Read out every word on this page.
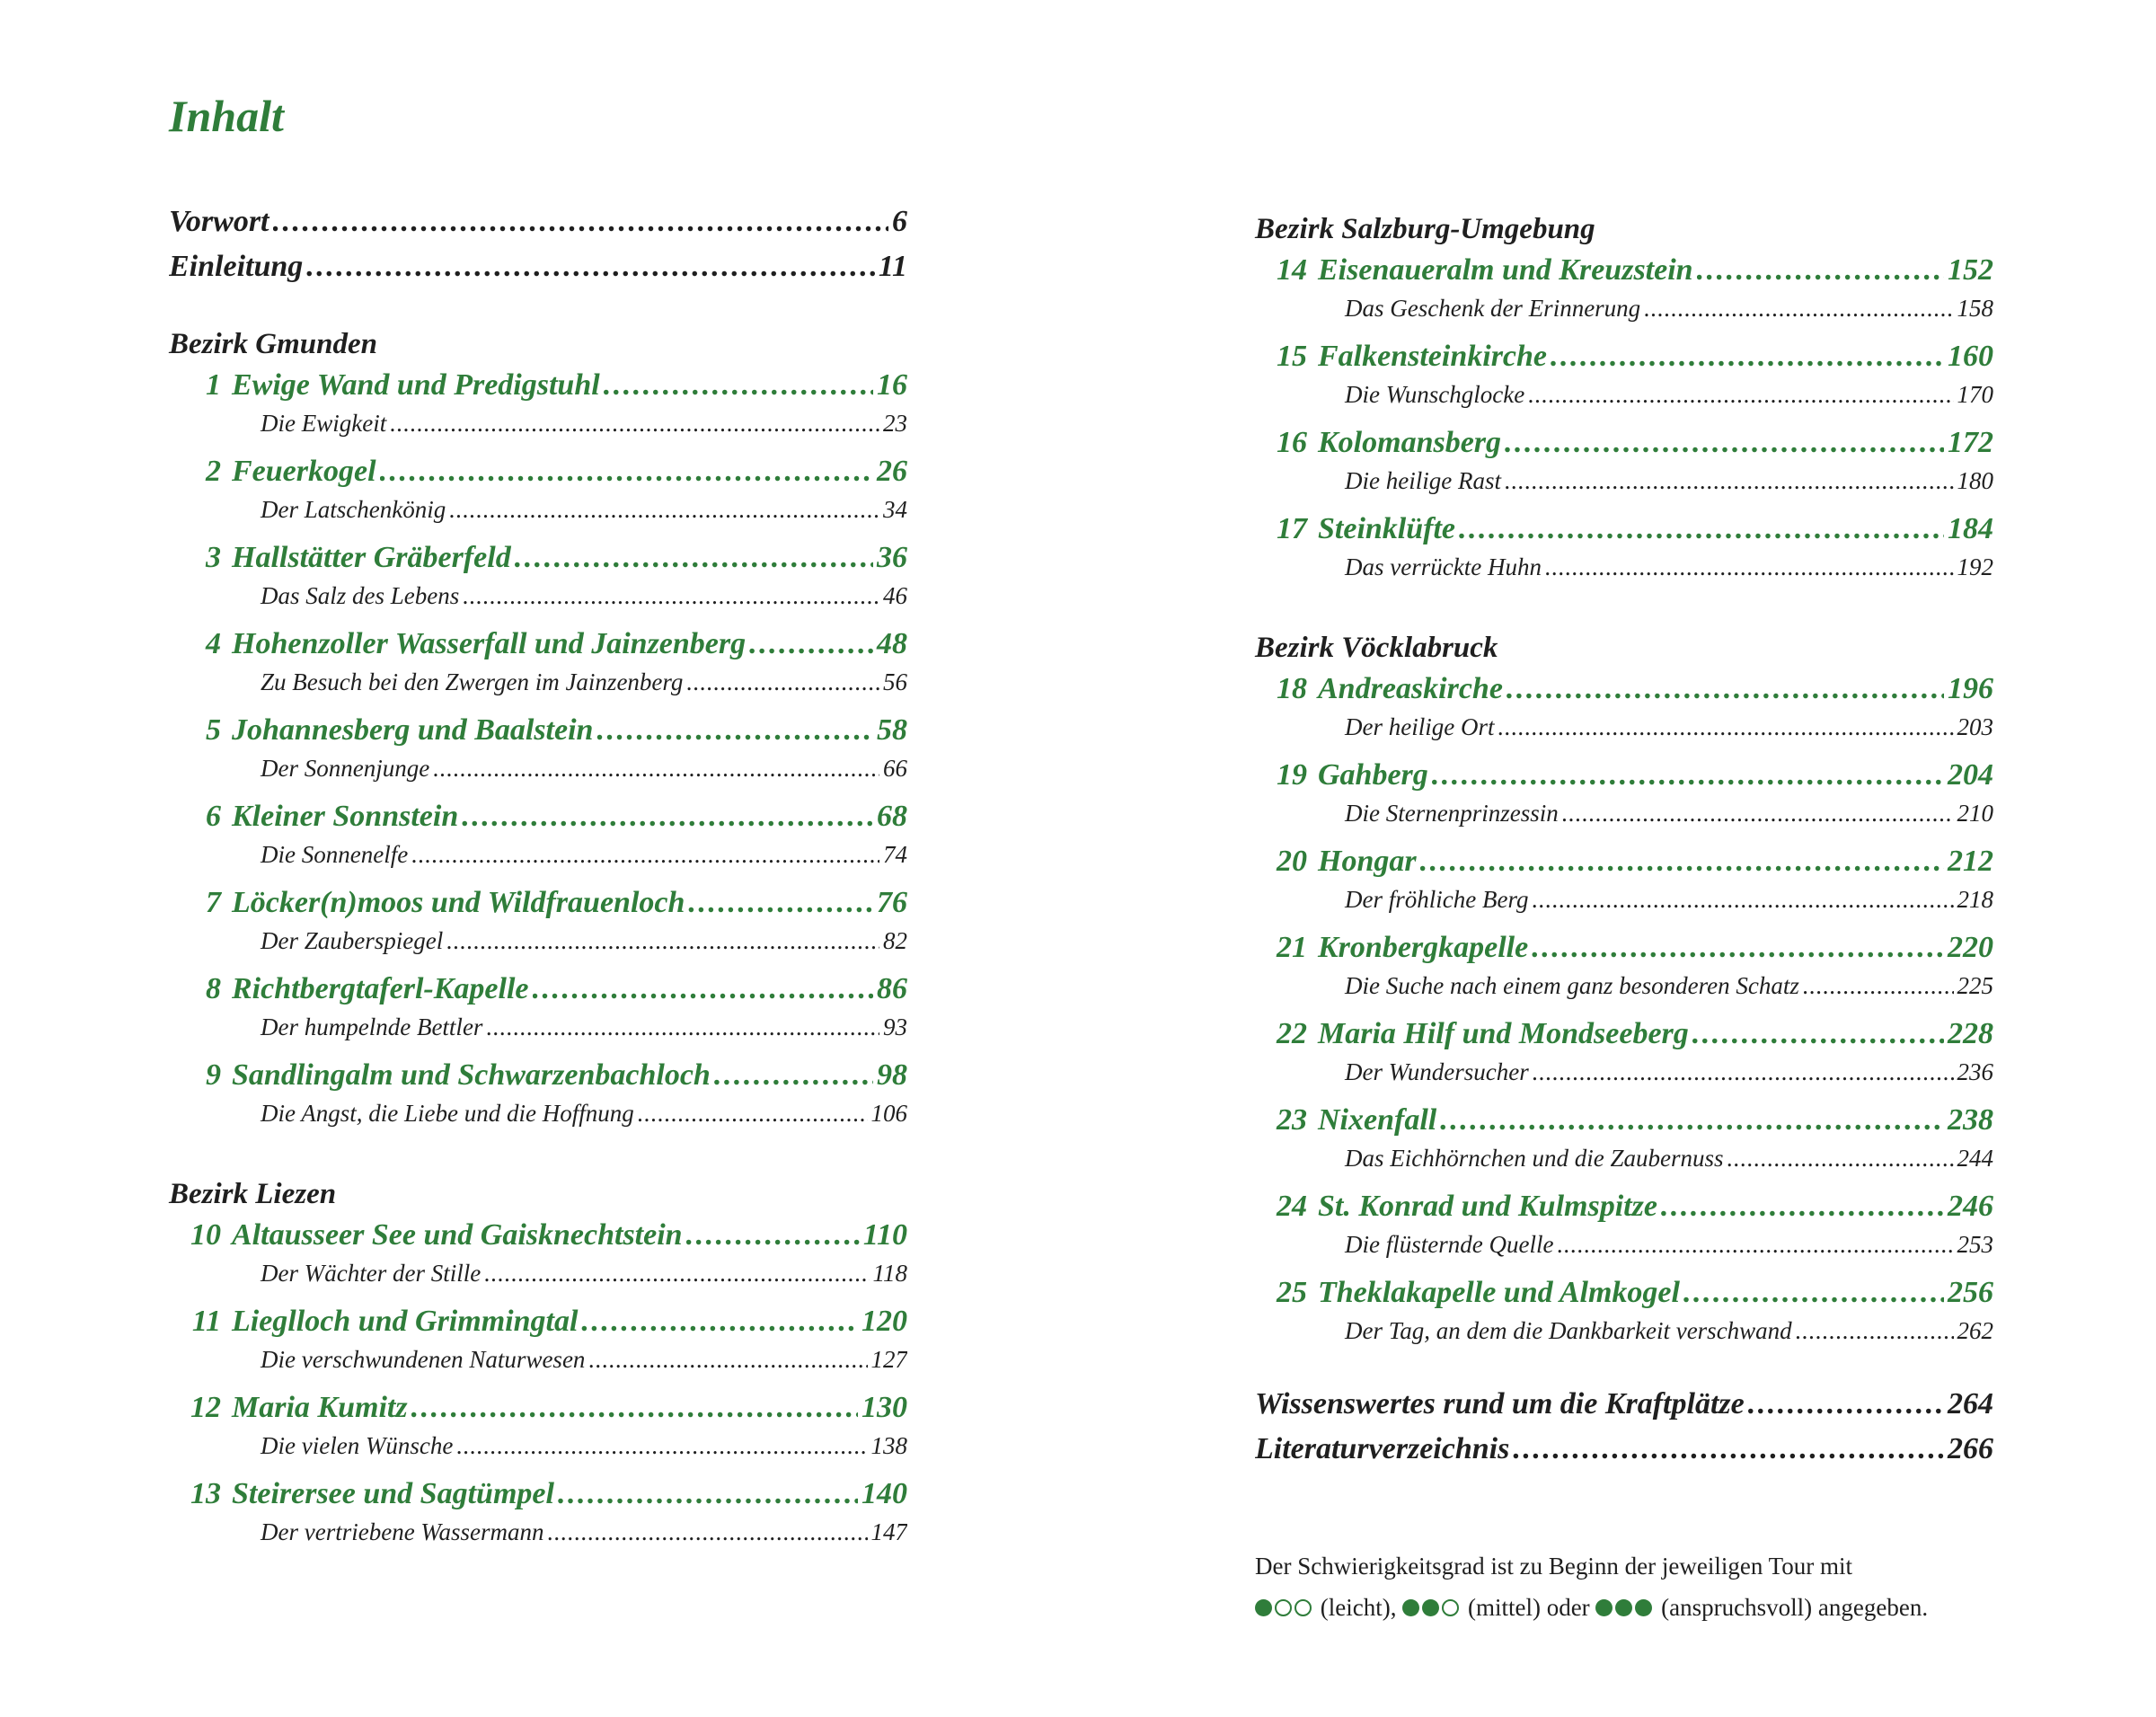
Inhalt
Vorwort . . .	6
Einleitung . . .	11
Bezirk Gmunden
1 Ewige Wand und Predigstuhl . . .	16
Die Ewigkeit . . .	23
2 Feuerkogel . . .	26
Der Latschenkönig . . .	34
3 Hallstätter Gräberfeld . . .	36
Das Salz des Lebens . . .	46
4 Hohenzoller Wasserfall und Jainzenberg . . .	48
Zu Besuch bei den Zwergen im Jainzenberg . . .	56
5 Johannesberg und Baalstein . . .	58
Der Sonnenjunge . . .	66
6 Kleiner Sonnstein . . .	68
Die Sonnenelfe . . .	74
7 Löcker(n)moos und Wildfrauenloch . . .	76
Der Zauberspiegel . . .	82
8 Richtbergtaferl-Kapelle . . .	86
Der humpelnde Bettler . . .	93
9 Sandlingalm und Schwarzenbachloch . . .	98
Die Angst, die Liebe und die Hoffnung . . .	106
Bezirk Liezen
10 Altausseer See und Gaisknechtstein . . .	110
Der Wächter der Stille . . .	118
11 Lieglloch und Grimmingtal . . .	120
Die verschwundenen Naturwesen . . .	127
12 Maria Kumitz . . .	130
Die vielen Wünsche . . .	138
13 Steirersee und Sagtümpel . . .	140
Der vertriebene Wassermann . . .	147
Bezirk Salzburg-Umgebung
14 Eisenaueralm und Kreuzstein . . .	152
Das Geschenk der Erinnerung . . .	158
15 Falkensteinkirche . . .	160
Die Wunschglocke . . .	170
16 Kolomansberg . . .	172
Die heilige Rast . . .	180
17 Steinklüfte . . .	184
Das verrückte Huhn . . .	192
Bezirk Vöcklabruck
18 Andreaskirche . . .	196
Der heilige Ort . . .	203
19 Gahberg . . .	204
Die Sternenprinzessin . . .	210
20 Hongar . . .	212
Der fröhliche Berg . . .	218
21 Kronbergkapelle . . .	220
Die Suche nach einem ganz besonderen Schatz . . .	225
22 Maria Hilf und Mondseeberg . . .	228
Der Wundersucher . . .	236
23 Nixenfall . . .	238
Das Eichhörnchen und die Zaubernuss . . .	244
24 St. Konrad und Kulmspitze . . .	246
Die flüsternde Quelle . . .	253
25 Theklakapelle und Almkogel . . .	256
Der Tag, an dem die Dankbarkeit verschwand . . .	262
Wissenswertes rund um die Kraftplätze . . .	264
Literaturverzeichnis . . .	266
Der Schwierigkeitsgrad ist zu Beginn der jeweiligen Tour mit
(leicht),	(mittel) oder	(anspruchsvoll) angegeben.
